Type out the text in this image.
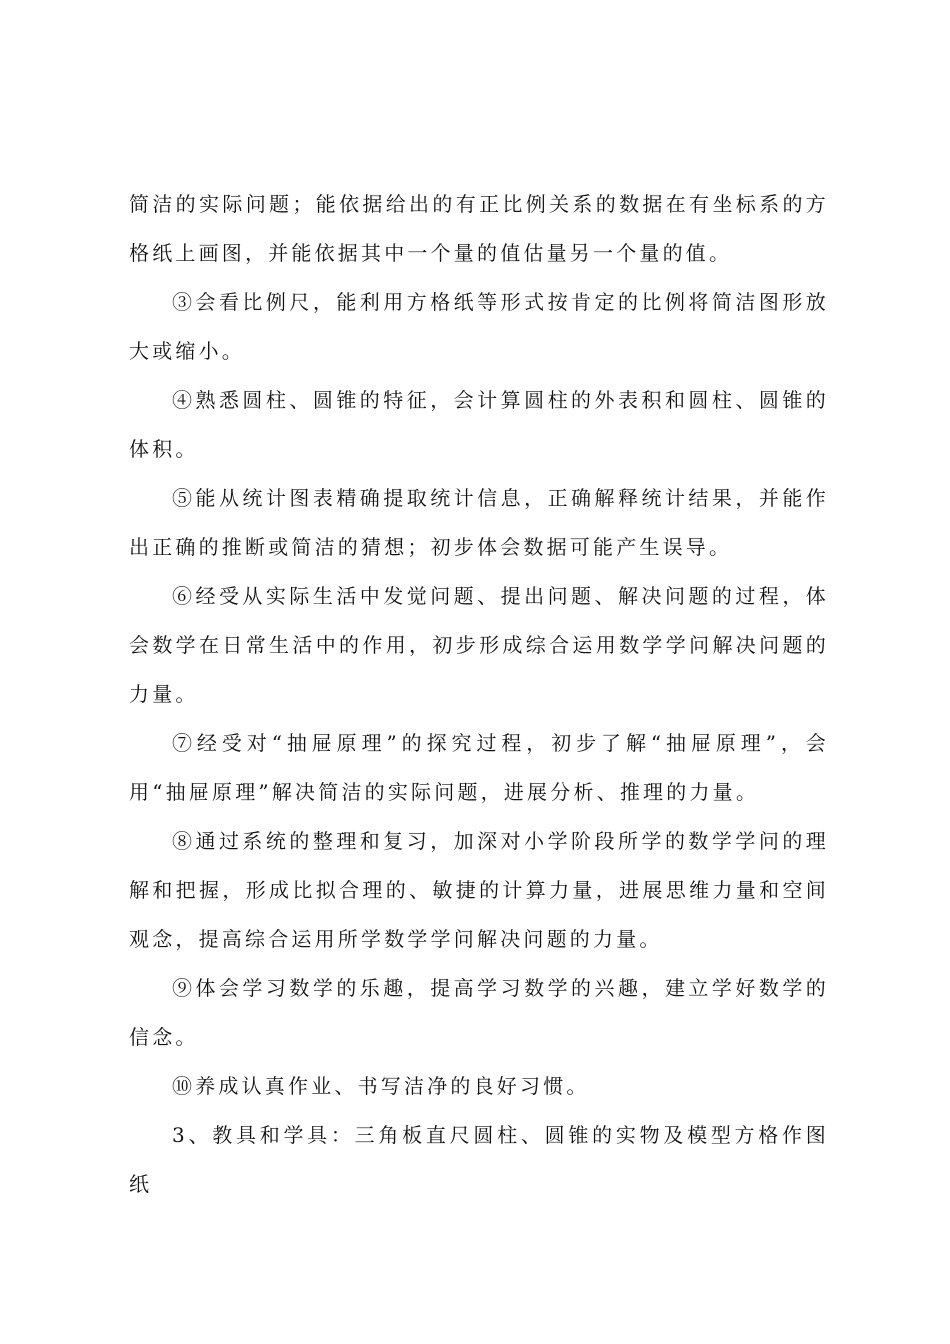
简洁的实际问题；能依据给出的有正比例关系的数据在有坐标系的方格纸上画图，并能依据其中一个量的值估量另一个量的值。

③会看比例尺，能利用方格纸等形式按肯定的比例将简洁图形放大或缩小。

④熟悉圆柱、圆锥的特征，会计算圆柱的外表积和圆柱、圆锥的体积。

⑤能从统计图表精确提取统计信息，正确解释统计结果，并能作出正确的推断或简洁的猜想；初步体会数据可能产生误导。

⑥经受从实际生活中发觉问题、提出问题、解决问题的过程，体会数学在日常生活中的作用，初步形成综合运用数学学问解决问题的力量。

⑦经受对“抽屉原理”的探究过程，初步了解“抽屉原理”，会用“抽屉原理”解决简洁的实际问题，进展分析、推理的力量。

⑧通过系统的整理和复习，加深对小学阶段所学的数学学问的理解和把握，形成比拟合理的、敏捷的计算力量，进展思维力量和空间观念，提高综合运用所学数学学问解决问题的力量。

⑨体会学习数学的乐趣，提高学习数学的兴趣，建立学好数学的信念。

⑩养成认真作业、书写洁净的良好习惯。

3、教具和学具：三角板直尺圆柱、圆锥的实物及模型方格作图纸
